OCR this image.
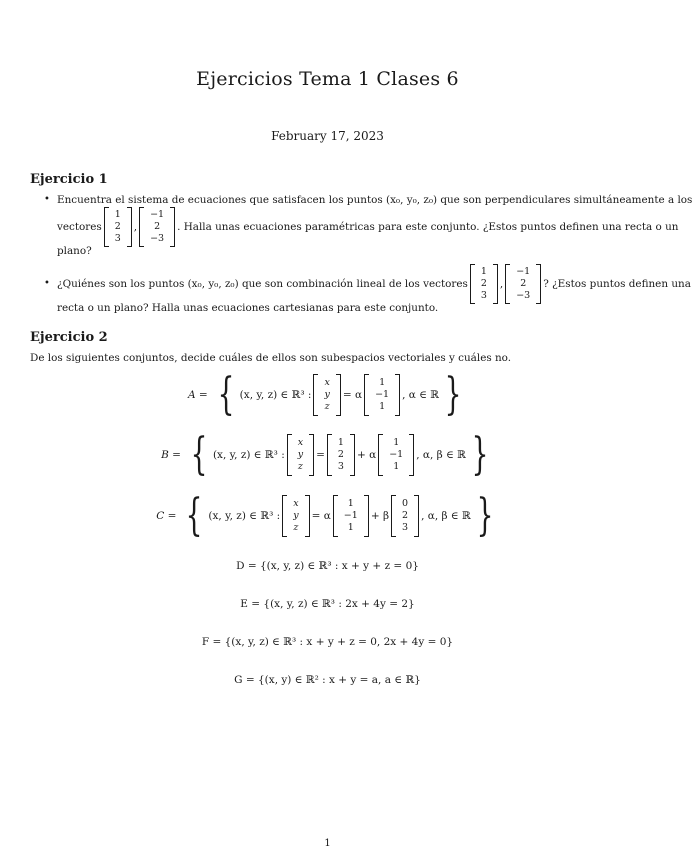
Ejercicios Tema 1 Clases 6
February 17, 2023
Ejercicio 1
• Encuentra el sistema de ecuaciones que satisfacen los puntos (x₀, y₀, z₀) que son perpendiculares simultáneamente a los
vectores
1
2
3
,
−1
2
−3
. Halla unas ecuaciones paramétricas para este conjunto. ¿Estos puntos definen una recta o un
plano?
• ¿Quiénes son los puntos (x₀, y₀, z₀) que son combinación lineal de los vectores
1
2
3
,
−1
2
−3
? ¿Estos puntos definen una
recta o un plano? Halla unas ecuaciones cartesianas para este conjunto.
Ejercicio 2
De los siguientes conjuntos, decide cuáles de ellos son subespacios vectoriales y cuáles no.
A = { (x, y, z) ∈ ℝ³ :
x
y
z
= α
1
−1
1
, α ∈ ℝ }
B = { (x, y, z) ∈ ℝ³ :
x
y
z
=
1
2
3
+ α
1
−1
1
, α, β ∈ ℝ }
C = { (x, y, z) ∈ ℝ³ :
x
y
z
= α
1
−1
1
+ β
0
2
3
, α, β ∈ ℝ }
D = {(x, y, z) ∈ ℝ³ : x + y + z = 0}
E = {(x, y, z) ∈ ℝ³ : 2x + 4y = 2}
F = {(x, y, z) ∈ ℝ³ : x + y + z = 0, 2x + 4y = 0}
G = {(x, y) ∈ ℝ² : x + y = a, a ∈ ℝ}
1
